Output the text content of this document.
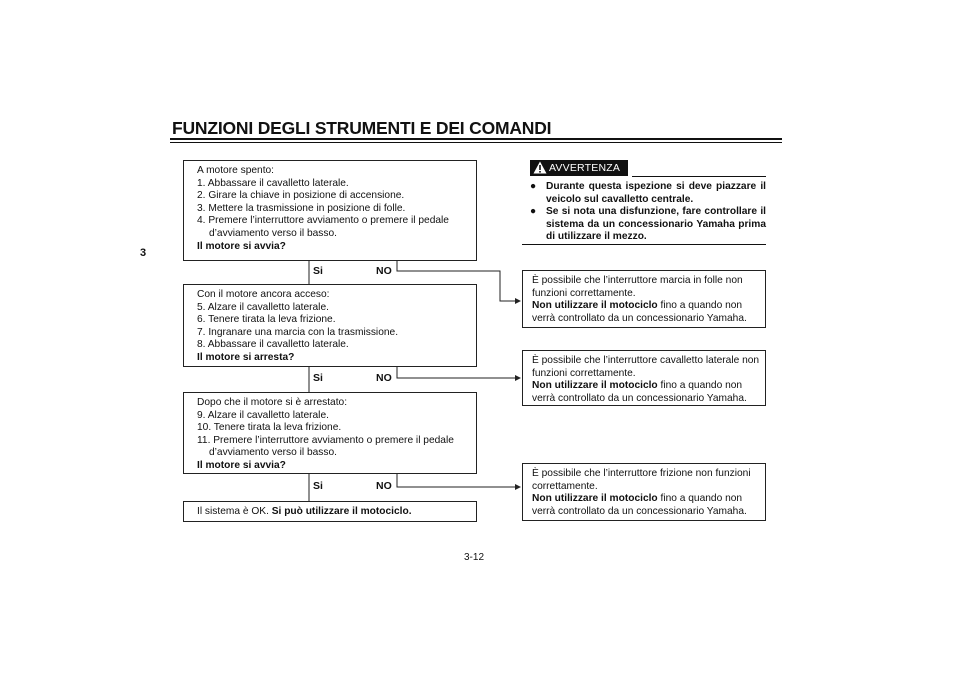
FUNZIONI DEGLI STRUMENTI E DEI COMANDI
3
A motore spento:
1. Abbassare il cavalletto laterale.
2. Girare la chiave in posizione di accensione.
3. Mettere la trasmissione in posizione di folle.
4. Premere l’interruttore avviamento o premere il pedale
d’avviamento verso il basso.
Il motore si avvia?
Si	NO
Con il motore ancora acceso:
5. Alzare il cavalletto laterale.
6. Tenere tirata la leva frizione.
7. Ingranare una marcia con la trasmissione.
8. Abbassare il cavalletto laterale.
Il motore si arresta?
Si	NO
Dopo che il motore si è arrestato:
9. Alzare il cavalletto laterale.
10. Tenere tirata la leva frizione.
11. Premere l’interruttore avviamento o premere il pedale
d’avviamento verso il basso.
Il motore si avvia?
Si	NO
Il sistema è OK. Si può utilizzare il motociclo.
AVVERTENZA
● Durante questa ispezione si deve piazzare il veicolo sul cavalletto centrale.
● Se si nota una disfunzione, fare controllare il sistema da un concessionario Yamaha prima di utilizzare il mezzo.
È possibile che l’interruttore marcia in folle non funzioni correttamente.
Non utilizzare il motociclo fino a quando non verrà controllato da un concessionario Yamaha.
È possibile che l’interruttore cavalletto laterale non funzioni correttamente.
Non utilizzare il motociclo fino a quando non verrà controllato da un concessionario Yamaha.
È possibile che l’interruttore frizione non funzioni correttamente.
Non utilizzare il motociclo fino a quando non verrà controllato da un concessionario Yamaha.
3-12
